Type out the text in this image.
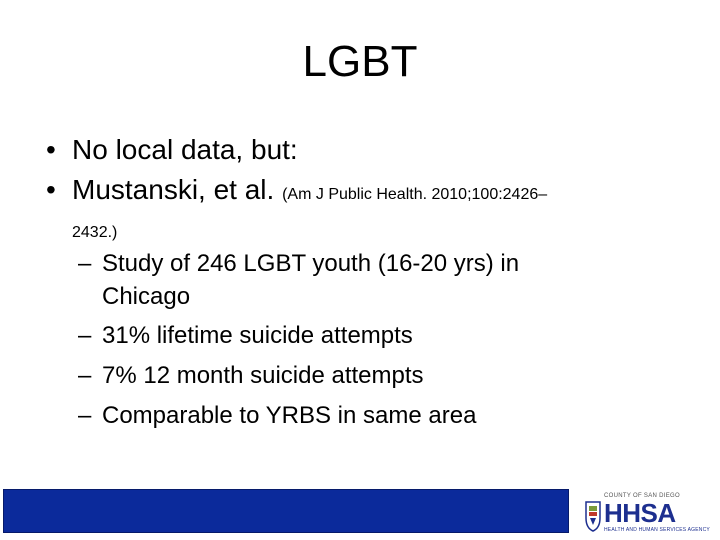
LGBT
• No local data, but:
• Mustanski, et al. (Am J Public Health. 2010;100:2426–
2432.)
– Study of 246 LGBT youth (16-20 yrs) in
Chicago
– 31% lifetime suicide attempts
– 7% 12 month suicide attempts
– Comparable to YRBS in same area
COUNTY OF SAN DIEGO
HHSA
HEALTH AND HUMAN SERVICES AGENCY
